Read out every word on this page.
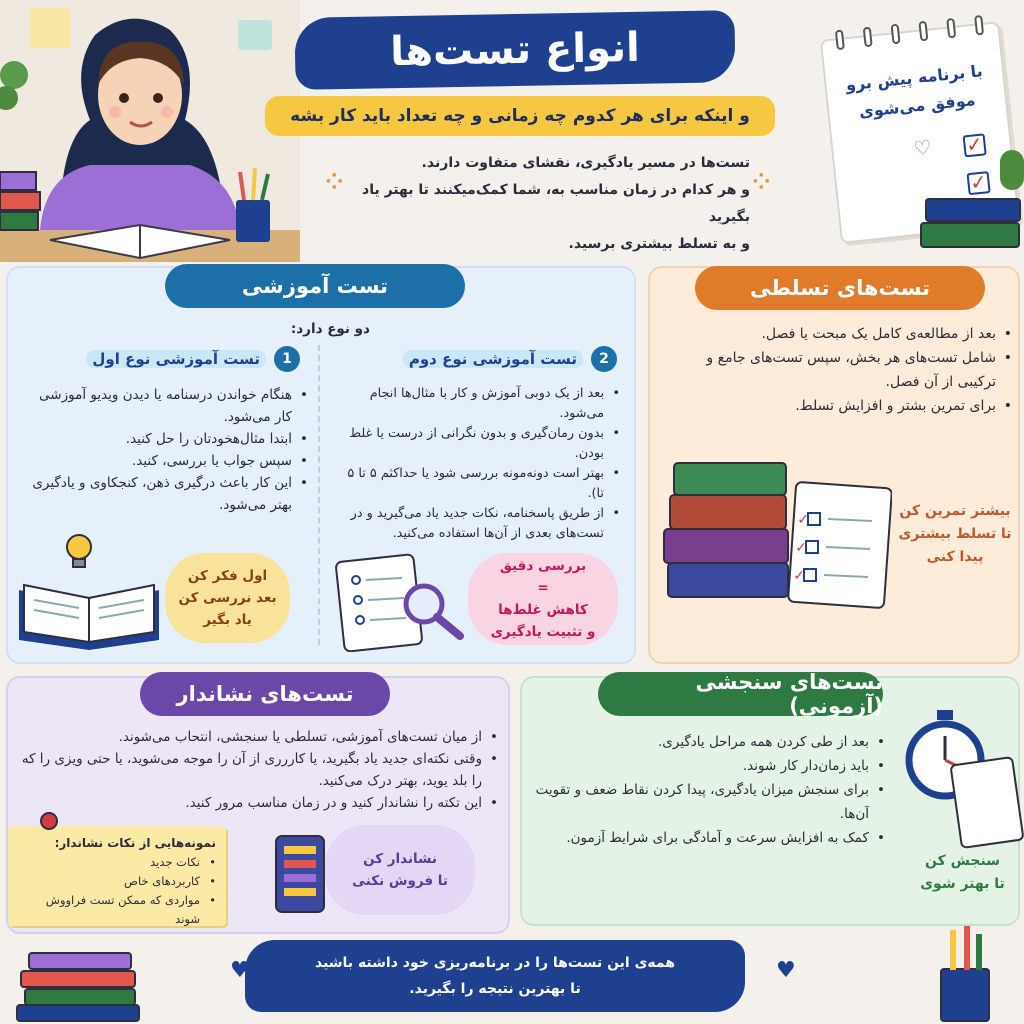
انواع تست‌ها
و اینکه برای هر کدوم چه زمانی و چه تعداد باید کار بشه
تست‌ها در مسیر یادگیری، نقشای متفاوت دارند.
و هر کدام در زمان مناسب به، شما کمک‌میکنند تا بهتر یاد بگیرید
و به تسلط بیشتری برسید.
⁘
⁘
با برنامه پیش برو
موفق می‌شوی
✓
✓
♡
تست آموزشی
دو نوع دارد:
1
تست آموزشی نوع اول
• هنگام خواندن درسنامه یا دیدن ویدیو آموزشی کار می‌شود.
• ابتدا مثال‌هخودتان را حل کنید.
• سپس جواب یا بررسی، کنید.
• این کار باعث درگیری ذهن، کنجکاوی و یادگیری بهتر می‌شود.
اول فکر کن
بعد نررسی کن
یاد بگیر
2
تست آموزشی نوع دوم
• بعد از یک دوبی آموزش و کار با مثال‌ها انجام می‌شود.
• بدون رمان‌گیری و بدون نگرانی از درست یا غلط بودن.
• بهتر است دونه‌مونه بررسی شود یا حداکثم ۵ تا ۵ تا).
• از طریق پاسخنامه، نکات جدید یاد می‌گیرید و در تست‌های بعدی از آن‌ها استفاده می‌کنید.
بررسی دقیق
=
کاهش غلط‌ها
و تثبیت یادگیری
تست‌های تسلطی
• بعد از مطالعه‌ی کامل یک مبحت یا فصل.
• شامل تست‌های هر بخش، سپس تست‌های جامع و ترکیبی از آن فصل.
• برای تمرین بشتر و افزایش تسلط.
✓
✓
✓
بیشتر تمرین کن
تا تسلط بیشتری
پیدا کنی
تست‌های نشاندار
• از میان تست‌های آموزشی، تسلطی یا سنجشی، انتحاب می‌شوند.
• وقتی نکته‌ای جدید یاد بگیرید، یا کاررری از آن را موجه می‌شوید، یا حتی ویزی را که را بلد یوید، بهتر درک می‌کنید.
• این تکته را نشاندار کنید و در زمان مناسب مرور کنید.
نمونه‌هایی از نکات نشاندار:
• نکات جدید
• کاربردهای خاص
• مواردی که ممکن تست فراووش شوند
نشاندار کن
تا فروش نکنی
تست‌های سنجشی (آزمونی)
• بعد از طی کردن همه مراحل یادگیری.
• باید زمان‌دار کار شوند.
• برای سنجش میزان یادگیری، پیدا کردن نقاط ضعف و تقویت آن‌ها.
• کمک به افزایش سرعت و آمادگی برای شرایط آزمون.
سنجش کن
تا بهتر شوی
همه‌ی این تست‌ها را در برنامه‌ریزی خود داشته باشید
تا بهترین نتیجه را بگیرید.
♥	♥
